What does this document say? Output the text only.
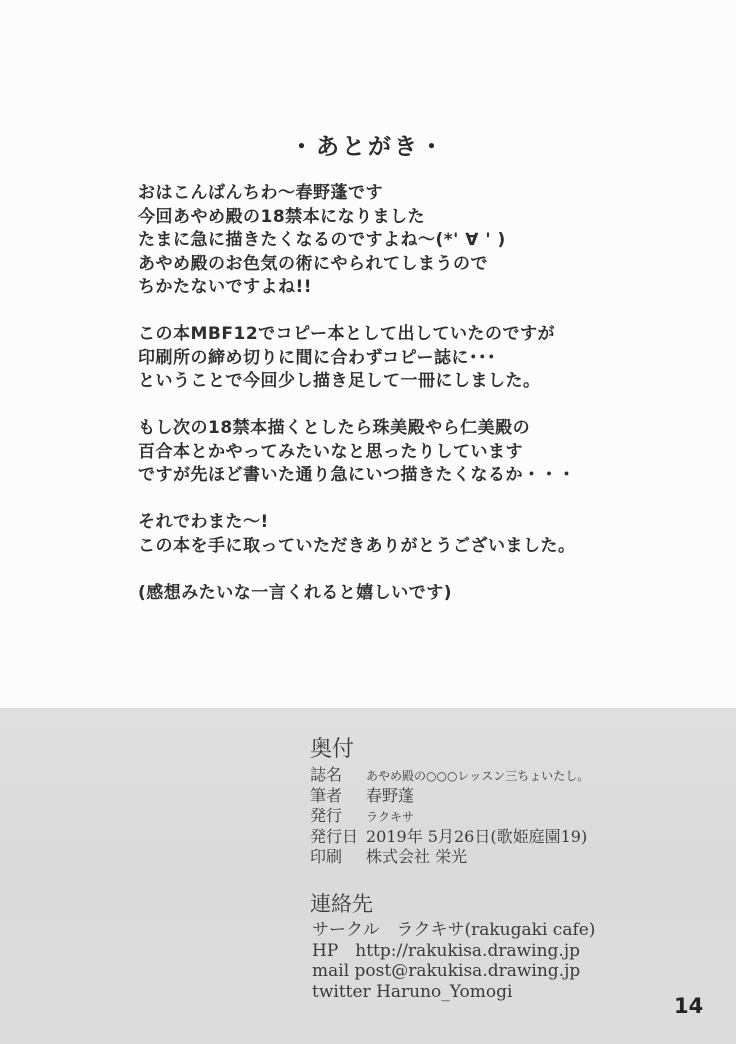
・あとがき・
おはこんばんちわ～春野蓬です
今回あやめ殿の18禁本になりました
たまに急に描きたくなるのですよね～(*' ∀ ' )
あやめ殿のお色気の術にやられてしまうので
ちかたないですよね!!
この本MBF12でコピー本として出していたのですが
印刷所の締め切りに間に合わずコピー誌に･･･
ということで今回少し描き足して一冊にしました。
もし次の18禁本描くとしたら珠美殿やら仁美殿の
百合本とかやってみたいなと思ったりしています
ですが先ほど書いた通り急にいつ描きたくなるか・・・
それでわまた～!
この本を手に取っていただきありがとうございました。
(感想みたいな一言くれると嬉しいです)
奥付
誌名 あやめ殿の○○○レッスン三ちょいたし。
筆者 春野蓬
発行 ラクキサ
発行日 2019年 5月26日(歌姫庭園19)
印刷 株式会社 栄光
連絡先
サークル　ラクキサ(rakugaki cafe)
HP　http://rakukisa.drawing.jp
mail post@rakukisa.drawing.jp
twitter Haruno_Yomogi
14
